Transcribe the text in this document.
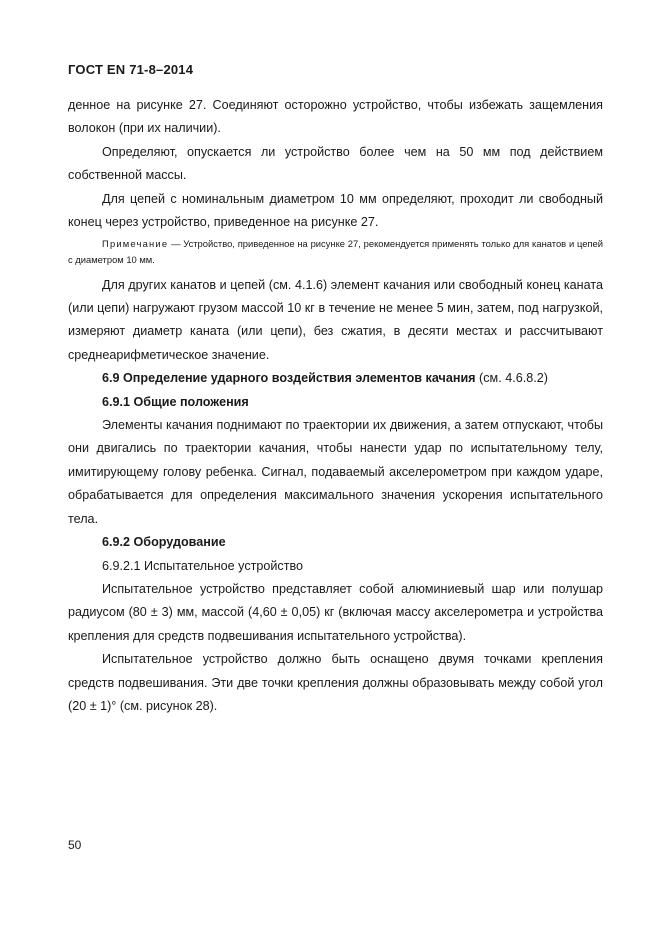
ГОСТ EN 71-8–2014

денное на рисунке 27. Соединяют осторожно устройство, чтобы избежать защемления волокон (при их наличии).

Определяют, опускается ли устройство более чем на 50 мм под действием собственной массы.

Для цепей с номинальным диаметром 10 мм определяют, проходит ли свободный конец через устройство, приведенное на рисунке 27.

Примечание — Устройство, приведенное на рисунке 27, рекомендуется применять только для канатов и цепей с диаметром 10 мм.

Для других канатов и цепей (см. 4.1.6) элемент качания или свободный конец каната (или цепи) нагружают грузом массой 10 кг в течение не менее 5 мин, затем, под нагрузкой, измеряют диаметр каната (или цепи), без сжатия, в десяти местах и рассчитывают среднеарифметическое значение.

6.9 Определение ударного воздействия элементов качания (см. 4.6.8.2)

6.9.1 Общие положения

Элементы качания поднимают по траектории их движения, а затем отпускают, чтобы они двигались по траектории качания, чтобы нанести удар по испытательному телу, имитирующему голову ребенка. Сигнал, подаваемый акселерометром при каждом ударе, обрабатывается для определения максимального значения ускорения испытательного тела.

6.9.2 Оборудование

6.9.2.1 Испытательное устройство

Испытательное устройство представляет собой алюминиевый шар или полушар радиусом (80 ± 3) мм, массой (4,60 ± 0,05) кг (включая массу акселерометра и устройства крепления для средств подвешивания испытательного устройства).

Испытательное устройство должно быть оснащено двумя точками крепления средств подвешивания. Эти две точки крепления должны образовывать между собой угол (20 ± 1)° (см. рисунок 28).

50
